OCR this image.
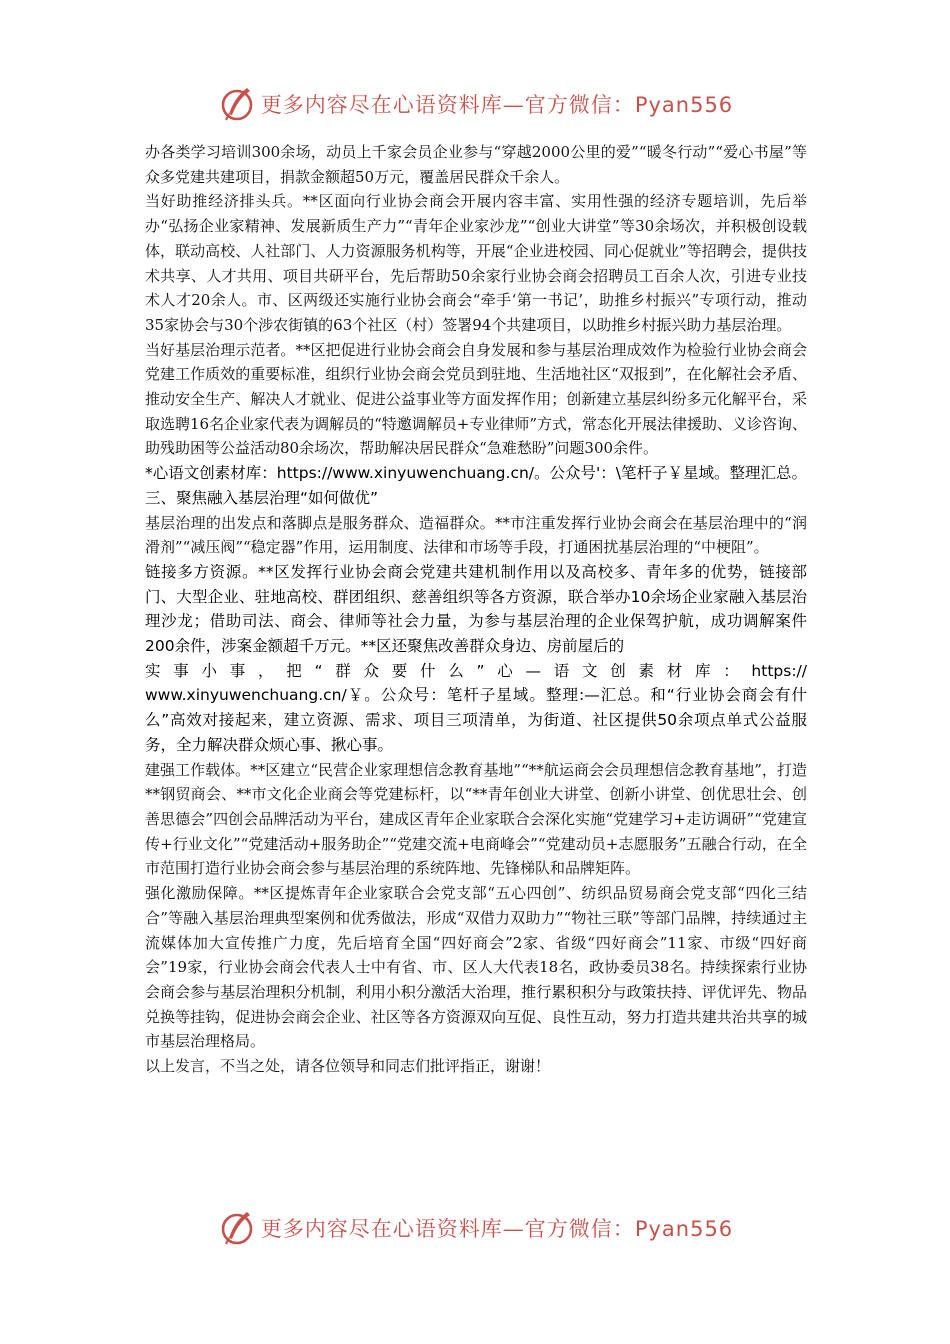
更多内容尽在心语资料库—官方微信：Pyan556

办各类学习培训300余场，动员上千家会员企业参与“穿越2000公里的爱”“暖冬行动”“爱心书屋”等众多党建共建项目，捐款金额超50万元，覆盖居民群众千余人。

当好助推经济排头兵。**区面向行业协会商会开展内容丰富、实用性强的经济专题培训，先后举办“弘扬企业家精神、发展新质生产力”“青年企业家沙龙”“创业大讲堂”等30余场次，并积极创设载体，联动高校、人社部门、人力资源服务机构等，开展“企业进校园、同心促就业”等招聘会，提供技术共享、人才共用、项目共研平台，先后帮助50余家行业协会商会招聘员工百余人次，引进专业技术人才20余人。市、区两级还实施行业协会商会“牵手‘第一书记’，助推乡村振兴”专项行动，推动35家协会与30个涉农街镇的63个社区（村）签署94个共建项目，以助推乡村振兴助力基层治理。

当好基层治理示范者。**区把促进行业协会商会自身发展和参与基层治理成效作为检验行业协会商会党建工作质效的重要标准，组织行业协会商会党员到驻地、生活地社区“双报到”，在化解社会矛盾、推动安全生产、解决人才就业、促进公益事业等方面发挥作用；创新建立基层纠纷多元化解平台，采取选聘16名企业家代表为调解员的“特邀调解员+专业律师”方式，常态化开展法律援助、义诊咨询、助残助困等公益活动80余场次，帮助解决居民群众“急难愁盼”问题300余件。

*心语文创素材库：https://www.xinyuwenchuang.cn/。公众号'：\笔杆子￥星域。整理汇总。三、聚焦融入基层治理“如何做优”

基层治理的出发点和落脚点是服务群众、造福群众。**市注重发挥行业协会商会在基层治理中的“润滑剂”“减压阀”“稳定器”作用，运用制度、法律和市场等手段，打通困扰基层治理的“中梗阻”。

链接多方资源。**区发挥行业协会商会党建共建机制作用以及高校多、青年多的优势，链接部门、大型企业、驻地高校、群团组织、慈善组织等各方资源，联合举办10余场企业家融入基层治理沙龙；借助司法、商会、律师等社会力量，为参与基层治理的企业保驾护航，成功调解案件200余件，涉案金额超千万元。**区还聚焦改善群众身边、房前屋后的

实事小事，把“群众要什么”心—语文创素材库：https://

www.xinyuwenchuang.cn/￥。公众号：笔杆子星域。整理:—汇总。和“行业协会商会有什么”高效对接起来，建立资源、需求、项目三项清单，为街道、社区提供50余项点单式公益服务，全力解决群众烦心事、揪心事。

建强工作载体。**区建立“民营企业家理想信念教育基地”“**航运商会会员理想信念教育基地”，打造**钢贸商会、**市文化企业商会等党建标杆，以“**青年创业大讲堂、创新小讲堂、创优思壮会、创善思德会”四创会品牌活动为平台，建成区青年企业家联合会深化实施“党建学习+走访调研”“党建宣传+行业文化”“党建活动+服务助企”“党建交流+电商峰会”“党建动员+志愿服务”五融合行动，在全市范围打造行业协会商会参与基层治理的系统阵地、先锋梯队和品牌矩阵。

强化激励保障。**区提炼青年企业家联合会党支部“五心四创”、纺织品贸易商会党支部“四化三结合”等融入基层治理典型案例和优秀做法，形成“双借力双助力”“物社三联”等部门品牌，持续通过主流媒体加大宣传推广力度，先后培育全国“四好商会”2家、省级“四好商会”11家、市级“四好商会”19家，行业协会商会代表人士中有省、市、区人大代表18名，政协委员38名。持续探索行业协会商会参与基层治理积分机制，利用小积分激活大治理，推行累积积分与政策扶持、评优评先、物品兑换等挂钩，促进协会商会企业、社区等各方资源双向互促、良性互动，努力打造共建共治共享的城市基层治理格局。

以上发言，不当之处，请各位领导和同志们批评指正，谢谢！

更多内容尽在心语资料库—官方微信：Pyan556
